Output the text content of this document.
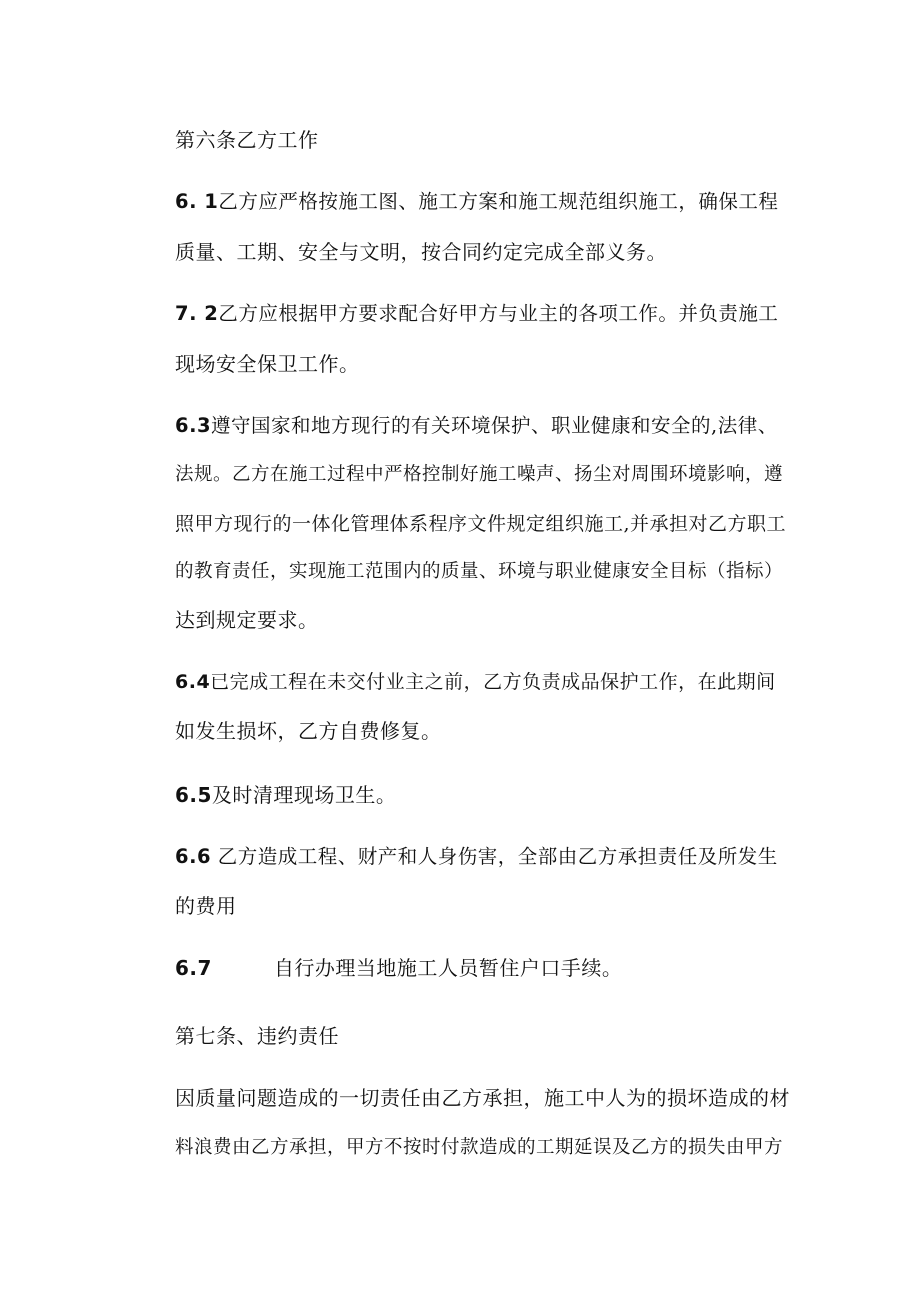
第六条乙方工作
6. 1乙方应严格按施工图、施工方案和施工规范组织施工，确保工程
质量、工期、安全与文明，按合同约定完成全部义务。
7. 2乙方应根据甲方要求配合好甲方与业主的各项工作。并负责施工
现场安全保卫工作。
6.3遵守国家和地方现行的有关环境保护、职业健康和安全的,法律、
法规。乙方在施工过程中严格控制好施工噪声、扬尘对周围环境影响，遵
照甲方现行的一体化管理体系程序文件规定组织施工,并承担对乙方职工
的教育责任，实现施工范围内的质量、环境与职业健康安全目标（指标）
达到规定要求。
6.4已完成工程在未交付业主之前，乙方负责成品保护工作，在此期间
如发生损坏，乙方自费修复。
6.5及时清理现场卫生。
6.6 乙方造成工程、财产和人身伤害，全部由乙方承担责任及所发生
的费用
6.7	自行办理当地施工人员暂住户口手续。
第七条、违约责任
因质量问题造成的一切责任由乙方承担，施工中人为的损坏造成的材
料浪费由乙方承担，甲方不按时付款造成的工期延误及乙方的损失由甲方
